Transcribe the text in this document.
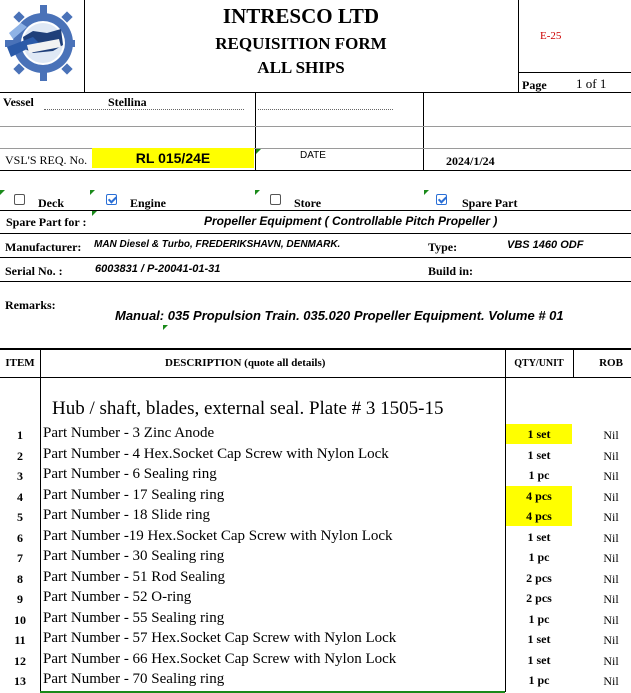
INTRESCO LTD
REQUISITION FORM
ALL SHIPS
E-25
Page 1 of 1
Vessel	Stellina
VSL'S REQ. No.	RL 015/24E	DATE	2024/1/24
Deck	Engine	Store	Spare Part
Spare Part for :	Propeller Equipment ( Controllable Pitch Propeller )
Manufacturer: MAN Diesel & Turbo, FREDERIKSHAVN, DENMARK.	Type:	VBS 1460 ODF
Serial No. :	6003831 / P-20041-01-31	Build in:
Remarks:
Manual: 035 Propulsion Train. 035.020 Propeller Equipment. Volume # 01
ITEM	DESCRIPTION (quote all details)	QTY/UNIT	ROB
Hub / shaft, blades, external seal. Plate # 3 1505-15
1	Part Number - 3 Zinc Anode	1 set	Nil
2	Part Number - 4 Hex.Socket Cap Screw with Nylon Lock	1 set	Nil
3	Part Number - 6 Sealing ring	1 pc	Nil
4	Part Number - 17 Sealing ring	4 pcs	Nil
5	Part Number - 18 Slide ring	4 pcs	Nil
6	Part Number -19 Hex.Socket Cap Screw with Nylon Lock	1 set	Nil
7	Part Number - 30 Sealing ring	1 pc	Nil
8	Part Number - 51 Rod Sealing	2 pcs	Nil
9	Part Number - 52 O-ring	2 pcs	Nil
10	Part Number - 55 Sealing ring	1 pc	Nil
11	Part Number - 57 Hex.Socket Cap Screw with Nylon Lock	1 set	Nil
12	Part Number - 66 Hex.Socket Cap Screw with Nylon Lock	1 set	Nil
13	Part Number - 70 Sealing ring	1 pc	Nil
